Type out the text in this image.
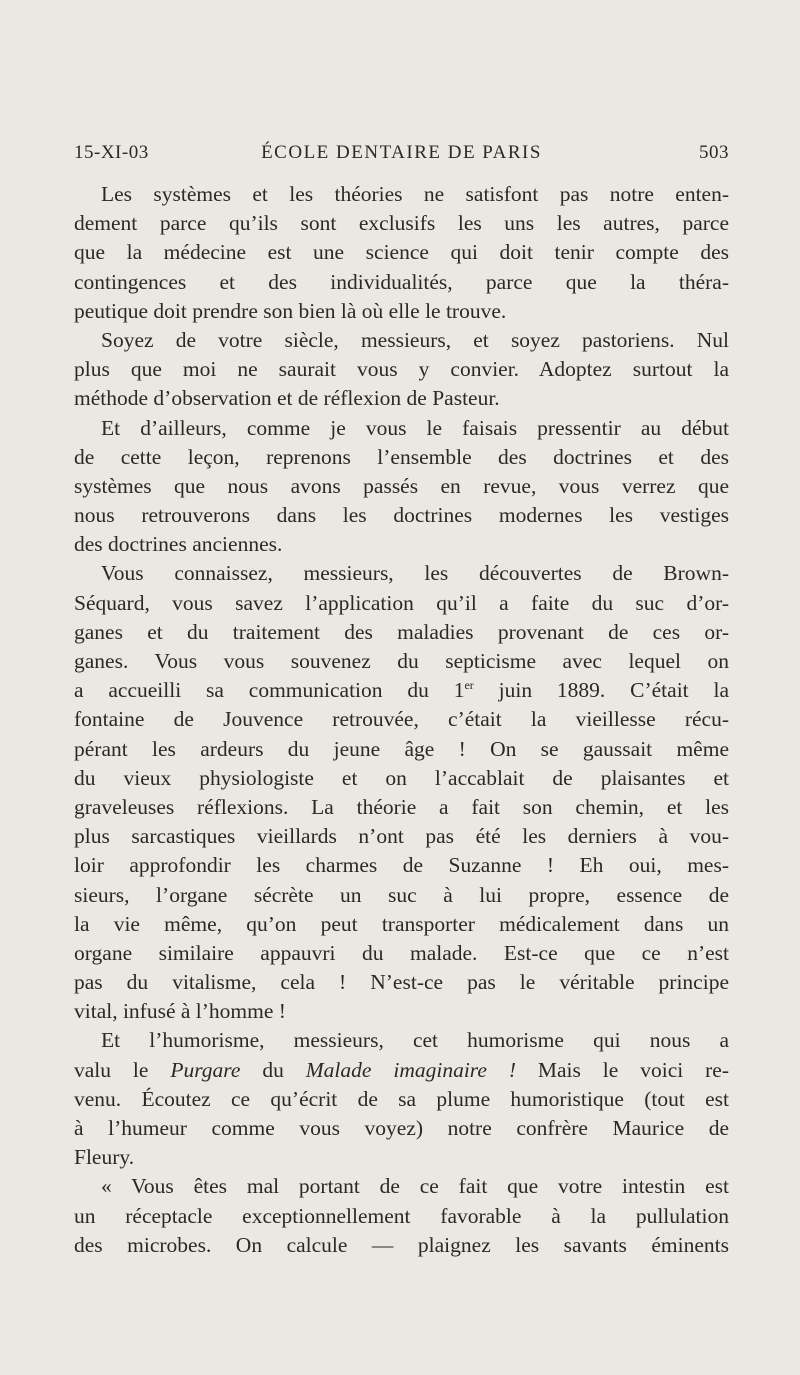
15-XI-03	ÉCOLE DENTAIRE DE PARIS	503
Les systèmes et les théories ne satisfont pas notre enten-
dement parce qu’ils sont exclusifs les uns les autres, parce
que la médecine est une science qui doit tenir compte des
contingences et des individualités, parce que la théra-
peutique doit prendre son bien là où elle le trouve.
Soyez de votre siècle, messieurs, et soyez pastoriens. Nul
plus que moi ne saurait vous y convier. Adoptez surtout la
méthode d’observation et de réflexion de Pasteur.
Et d’ailleurs, comme je vous le faisais pressentir au début
de cette leçon, reprenons l’ensemble des doctrines et des
systèmes que nous avons passés en revue, vous verrez que
nous retrouverons dans les doctrines modernes les vestiges
des doctrines anciennes.
Vous connaissez, messieurs, les découvertes de Brown-
Séquard, vous savez l’application qu’il a faite du suc d’or-
ganes et du traitement des maladies provenant de ces or-
ganes. Vous vous souvenez du septicisme avec lequel on
a accueilli sa communication du 1er juin 1889. C’était la
fontaine de Jouvence retrouvée, c’était la vieillesse récu-
pérant les ardeurs du jeune âge ! On se gaussait même
du vieux physiologiste et on l’accablait de plaisantes et
graveleuses réflexions. La théorie a fait son chemin, et les
plus sarcastiques vieillards n’ont pas été les derniers à vou-
loir approfondir les charmes de Suzanne ! Eh oui, mes-
sieurs, l’organe sécrète un suc à lui propre, essence de
la vie même, qu’on peut transporter médicalement dans un
organe similaire appauvri du malade. Est-ce que ce n’est
pas du vitalisme, cela ! N’est-ce pas le véritable principe
vital, infusé à l’homme !
Et l’humorisme, messieurs, cet humorisme qui nous a
valu le Purgare du Malade imaginaire ! Mais le voici re-
venu. Écoutez ce qu’écrit de sa plume humoristique (tout est
à l’humeur comme vous voyez) notre confrère Maurice de
Fleury.
« Vous êtes mal portant de ce fait que votre intestin est
un réceptacle exceptionnellement favorable à la pullulation
des microbes. On calcule — plaignez les savants éminents
